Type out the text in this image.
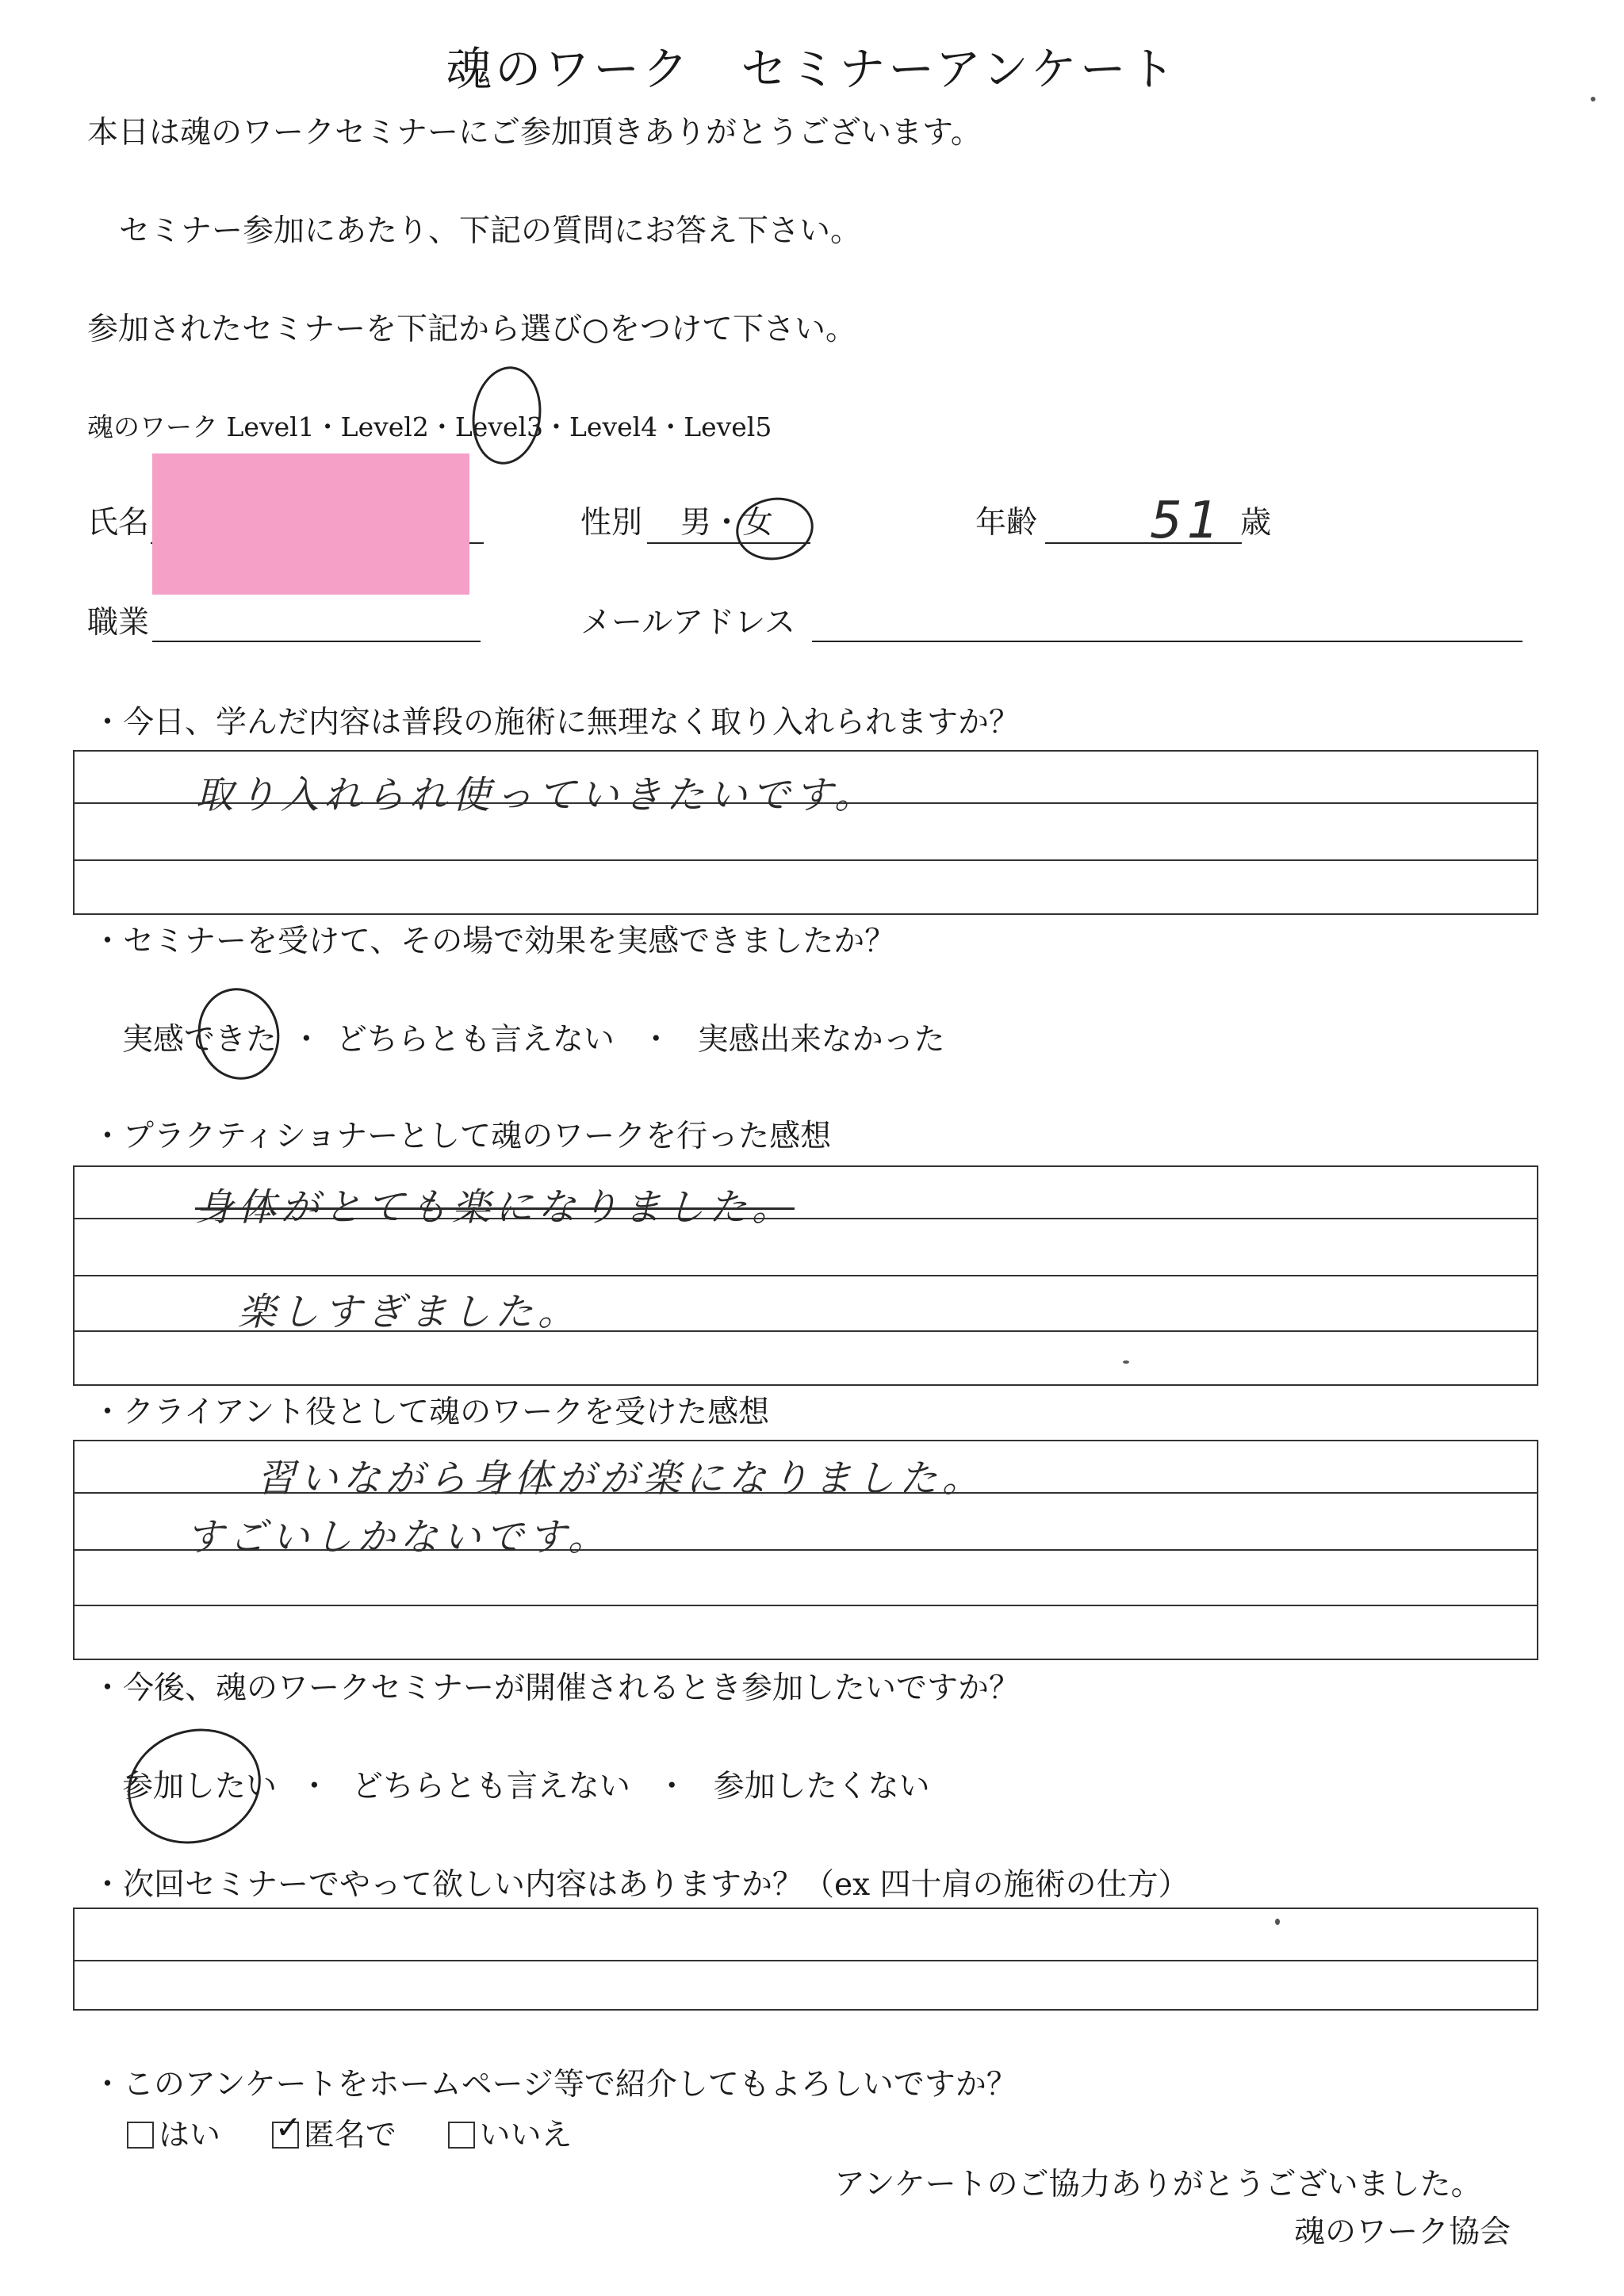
魂のワーク　セミナーアンケート
本日は魂のワークセミナーにご参加頂きありがとうございます。
セミナー参加にあたり、下記の質問にお答え下さい。
参加されたセミナーを下記から選び○をつけて下さい。
魂のワーク Level1・Level2・Level3・Level4・Level5
氏名	性別 男・女	年齢 51 歳
職業	メールアドレス
・今日、学んだ内容は普段の施術に無理なく取り入れられますか？
取り入れられ使っていきたいです。
・セミナーを受けて、その場で効果を実感できましたか？
実感できた ・ どちらとも言えない ・ 実感出来なかった
・プラクティショナーとして魂のワークを行った感想
身体がとても楽になりました。
楽しすぎました。
・クライアント役として魂のワークを受けた感想
習いながら身体がが楽になりました。
すごいしかないです。
・今後、魂のワークセミナーが開催されるとき参加したいですか？
参加したい ・ どちらとも言えない ・ 参加したくない
・次回セミナーでやって欲しい内容はありますか？（ex 四十肩の施術の仕方）
・このアンケートをホームページ等で紹介してもよろしいですか？
はい ✓ 匿名で	いいえ
アンケートのご協力ありがとうございました。
魂のワーク協会
